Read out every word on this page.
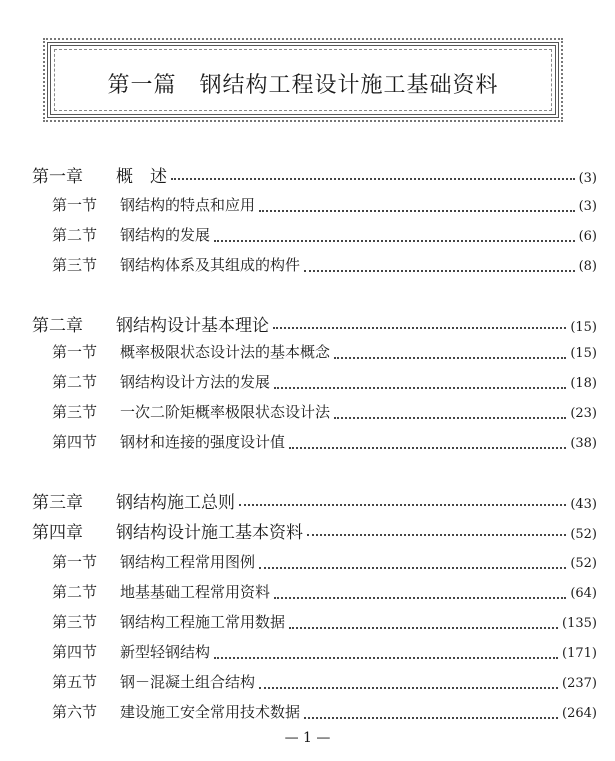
第一篇　钢结构工程设计施工基础资料
第一章	概　述	(3)
第一节	钢结构的特点和应用	(3)
第二节	钢结构的发展	(6)
第三节	钢结构体系及其组成的构件	(8)
第二章	钢结构设计基本理论	(15)
第一节	概率极限状态设计法的基本概念	(15)
第二节	钢结构设计方法的发展	(18)
第三节	一次二阶矩概率极限状态设计法	(23)
第四节	钢材和连接的强度设计值	(38)
第三章	钢结构施工总则	(43)
第四章	钢结构设计施工基本资料	(52)
第一节	钢结构工程常用图例	(52)
第二节	地基基础工程常用资料	(64)
第三节	钢结构工程施工常用数据	(135)
第四节	新型轻钢结构	(171)
第五节	钢－混凝土组合结构	(237)
第六节	建设施工安全常用技术数据	(264)
— 1 —
